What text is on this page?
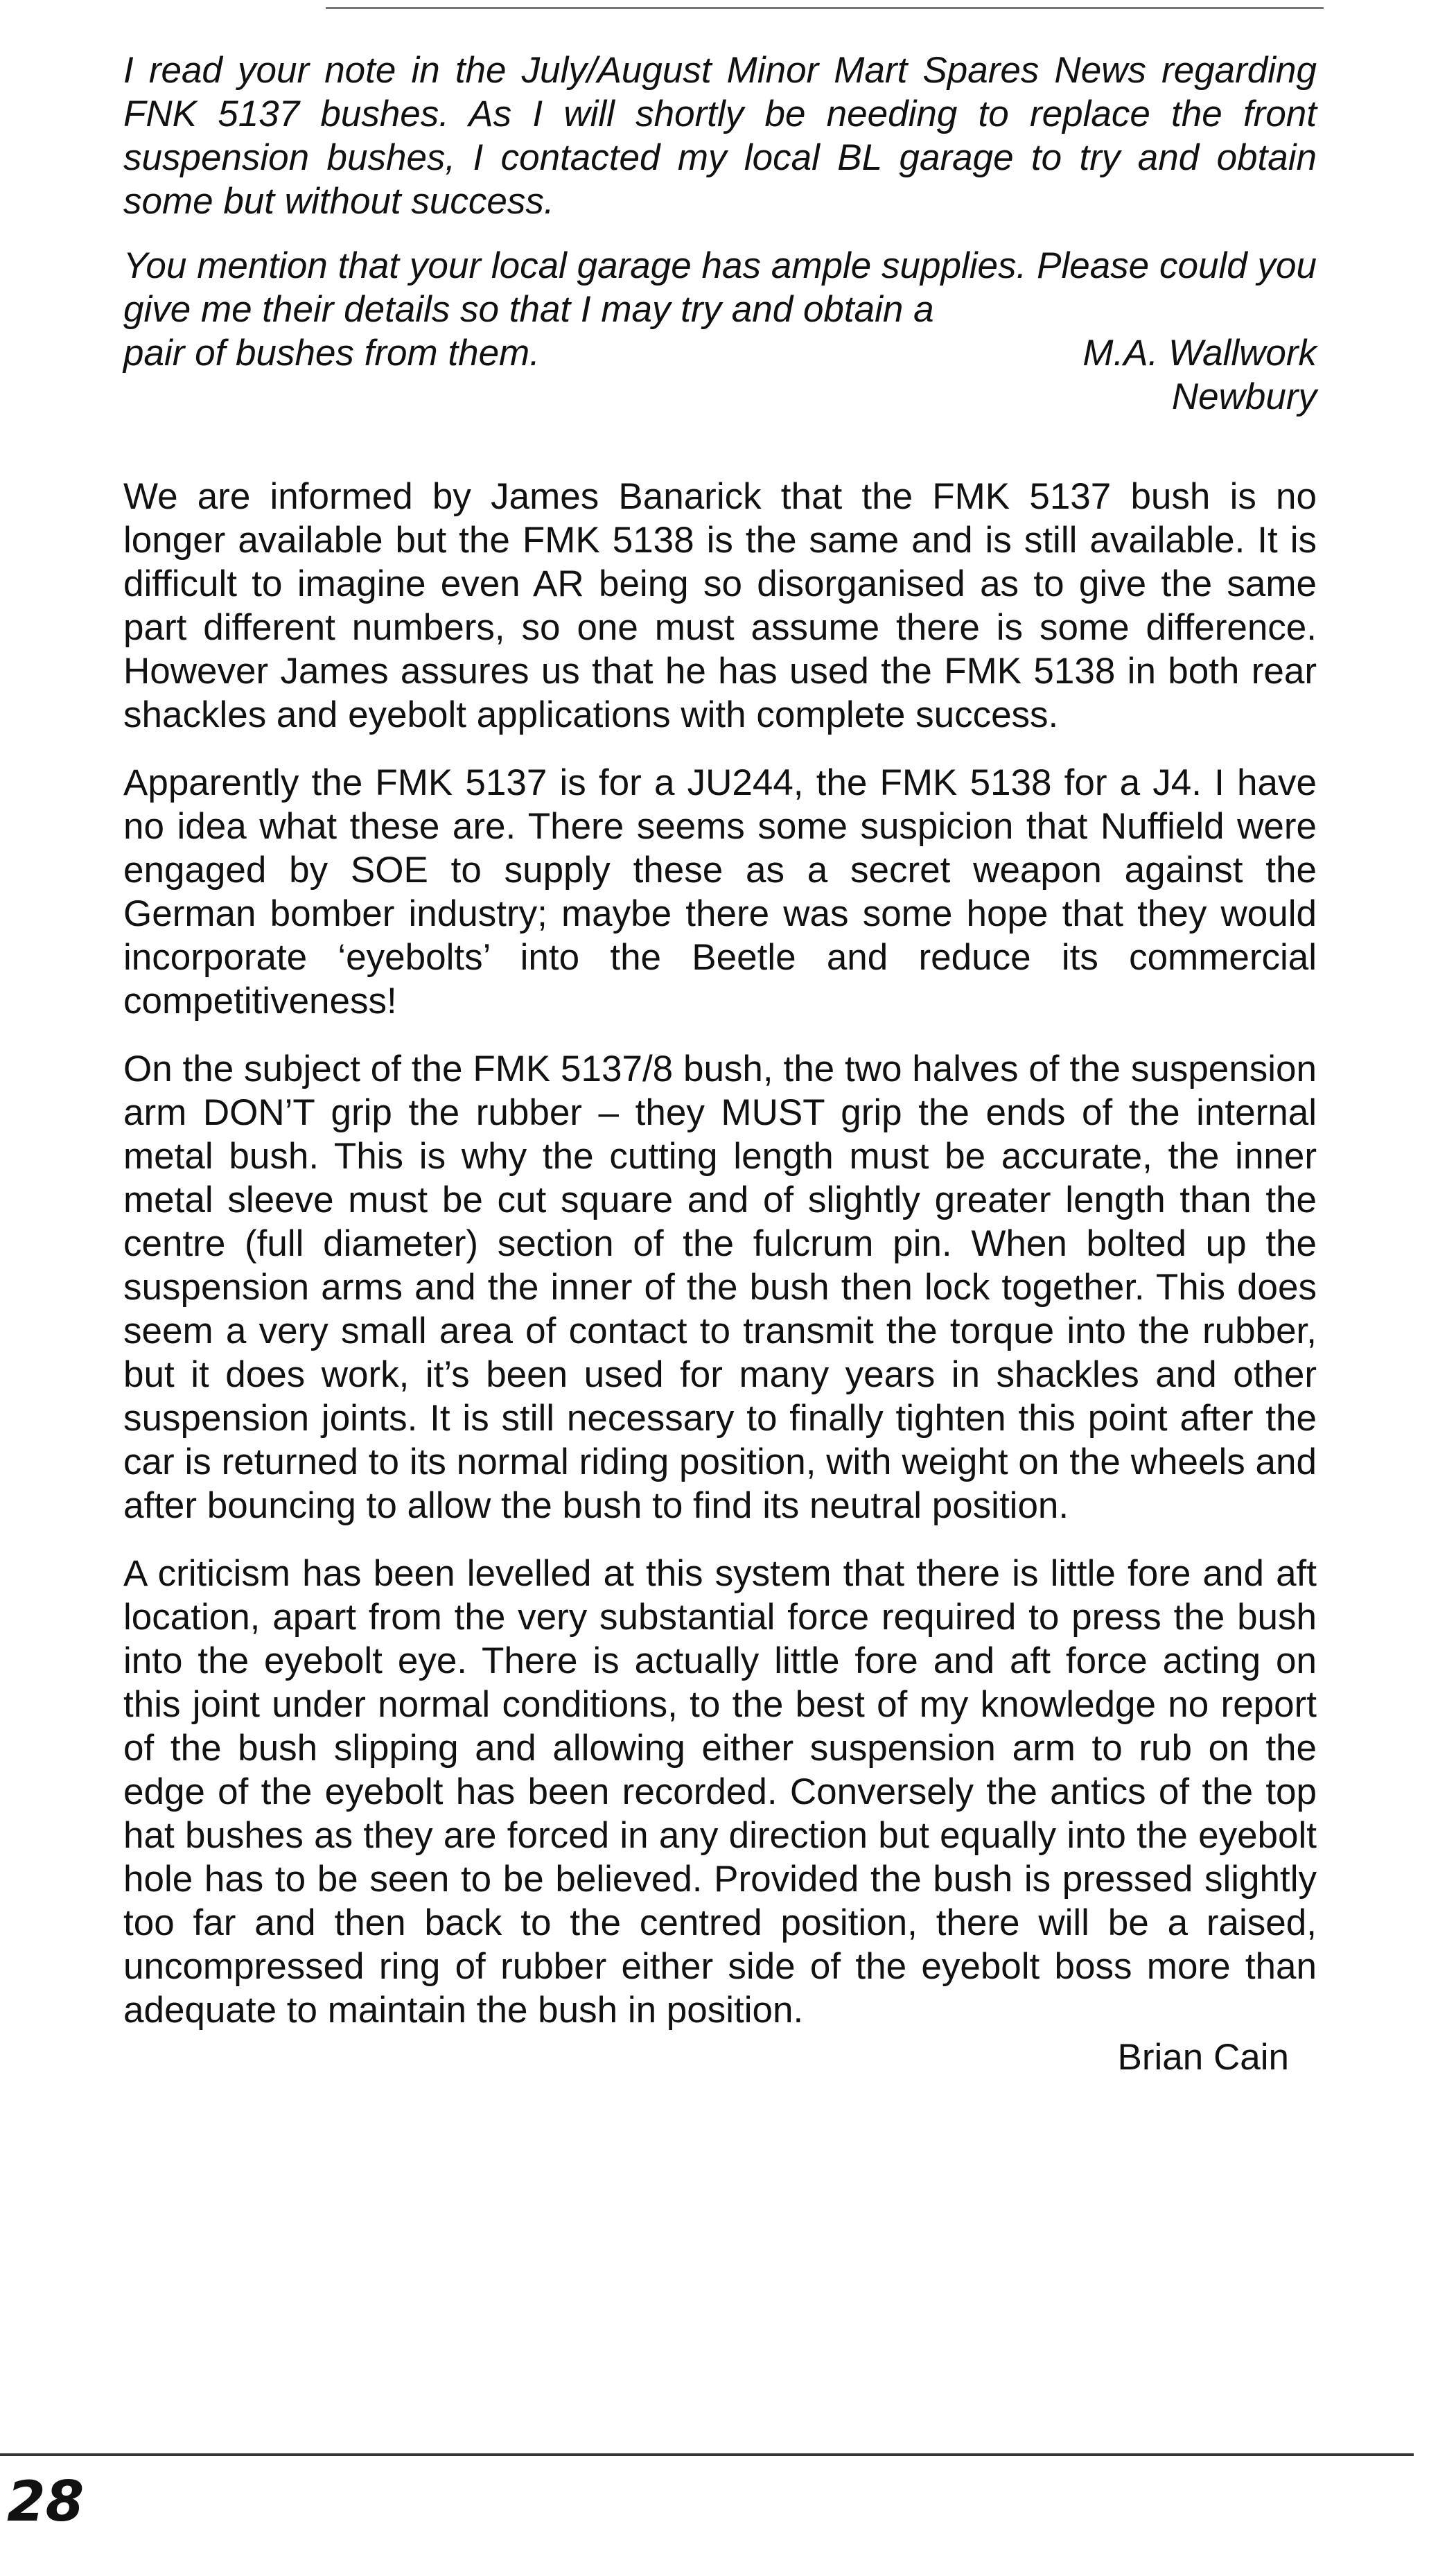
I read your note in the July/August Minor Mart Spares News regarding FNK 5137 bushes. As I will shortly be needing to replace the front suspension bushes, I contacted my local BL garage to try and obtain some but without success.

You mention that your local garage has ample supplies. Please could you give me their details so that I may try and obtain a

pair of bushes from them.	M.A. Wallwork
Newbury

We are informed by James Banarick that the FMK 5137 bush is no longer available but the FMK 5138 is the same and is still available. It is difficult to imagine even AR being so disorganised as to give the same part different numbers, so one must assume there is some difference. However James assures us that he has used the FMK 5138 in both rear shackles and eyebolt applications with complete success.

Apparently the FMK 5137 is for a JU244, the FMK 5138 for a J4. I have no idea what these are. There seems some suspicion that Nuffield were engaged by SOE to supply these as a secret weapon against the German bomber industry; maybe there was some hope that they would incorporate ‘eyebolts’ into the Beetle and reduce its commercial competitiveness!

On the subject of the FMK 5137/8 bush, the two halves of the suspension arm DON’T grip the rubber – they MUST grip the ends of the internal metal bush. This is why the cutting length must be accurate, the inner metal sleeve must be cut square and of slightly greater length than the centre (full diameter) section of the fulcrum pin. When bolted up the suspension arms and the inner of the bush then lock together. This does seem a very small area of contact to transmit the torque into the rubber, but it does work, it’s been used for many years in shackles and other suspension joints. It is still necessary to finally tighten this point after the car is returned to its normal riding position, with weight on the wheels and after bouncing to allow the bush to find its neutral position.

A criticism has been levelled at this system that there is little fore and aft location, apart from the very substantial force required to press the bush into the eyebolt eye. There is actually little fore and aft force acting on this joint under normal conditions, to the best of my knowledge no report of the bush slipping and allowing either suspension arm to rub on the edge of the eyebolt has been recorded. Conversely the antics of the top hat bushes as they are forced in any direction but equally into the eyebolt hole has to be seen to be believed. Provided the bush is pressed slightly too far and then back to the centred position, there will be a raised, uncompressed ring of rubber either side of the eyebolt boss more than adequate to maintain the bush in position.

Brian Cain
28
